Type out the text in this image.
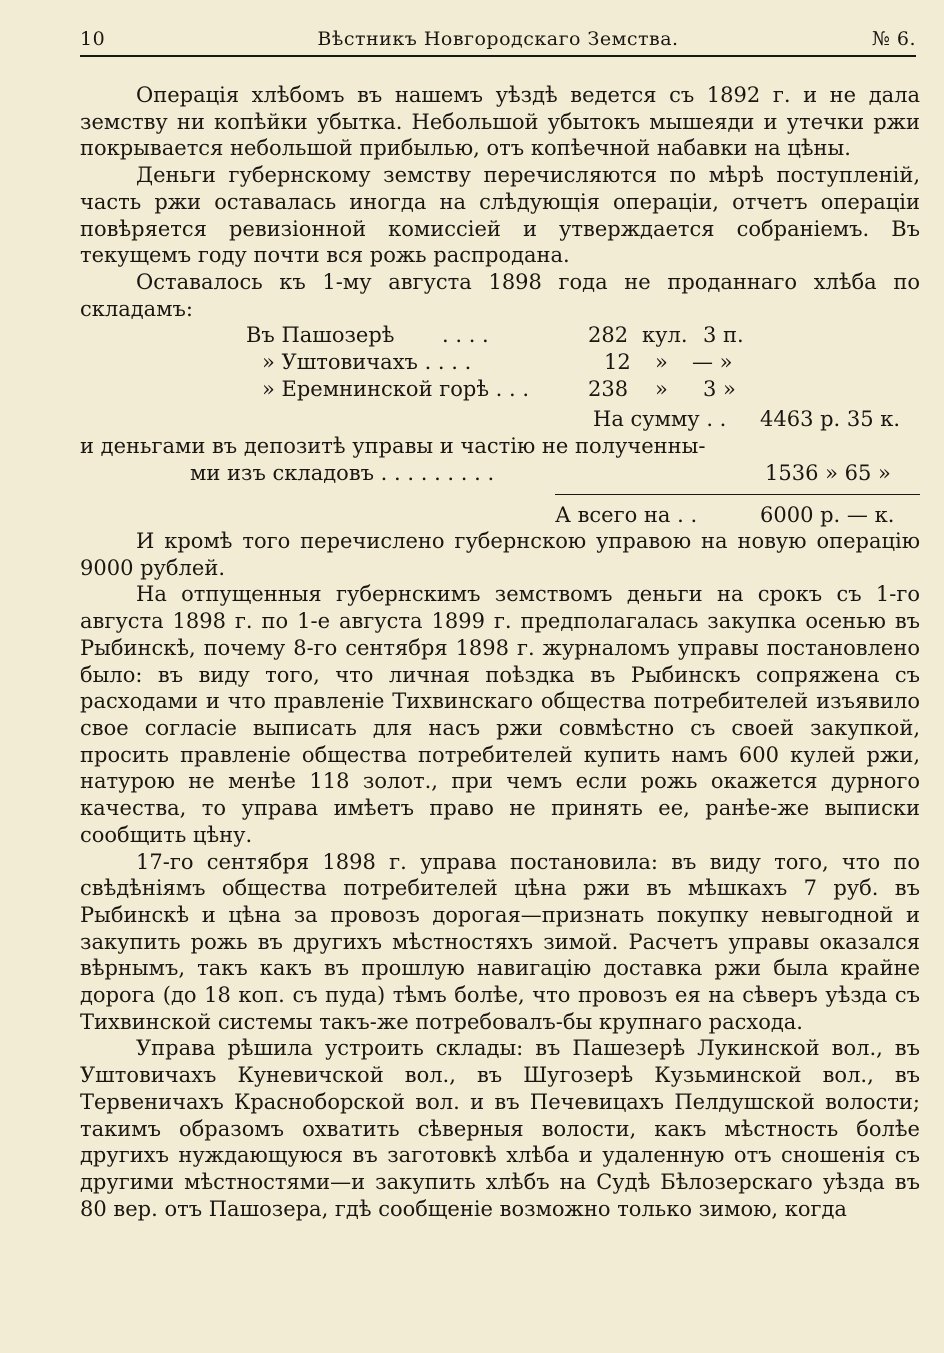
10	Вѣстникъ Новгородскаго Земства.	№ 6.

Операція хлѣбомъ въ нашемъ уѣздѣ ведется съ 1892 г. и не дала земству ни копѣйки убытка. Небольшой убытокъ мышеяди и утечки ржи покрывается небольшой прибылью, отъ копѣечной набавки на цѣны.

Деньги губернскому земству перечисляются по мѣрѣ поступленій, часть ржи оставалась иногда на слѣдующія операціи, отчетъ операціи повѣряется ревизіонной комиссіей и утверждается собраніемъ. Въ текущемъ году почти вся рожь распродана.

Оставалось къ 1-му августа 1898 года не проданнаго хлѣба по складамъ:

Въ Пашозерѣ . . . .	282 кул. 3 п.
» Уштовичахъ . . . .	12 » — »
» Еремнинской горѣ . . .	238 » 3 »
На сумму . . 4463 р. 35 к.
и деньгами въ депозитѣ управы и частію не полученны-
ми изъ складовъ . . . . . . . . .	1536 » 65 »
А всего на . .	6000 р. — к.

И кромѣ того перечислено губернскою управою на новую операцію 9000 рублей.

На отпущенныя губернскимъ земствомъ деньги на срокъ съ 1-го августа 1898 г. по 1-е августа 1899 г. предполагалась закупка осенью въ Рыбинскѣ, почему 8-го сентября 1898 г. журналомъ управы постановлено было: въ виду того, что личная поѣздка въ Рыбинскъ сопряжена съ расходами и что правленіе Тихвинскаго общества потребителей изъявило свое согласіе выписать для насъ ржи совмѣстно съ своей закупкой, просить правленіе общества потребителей купить намъ 600 кулей ржи, натурою не менѣе 118 золот., при чемъ если рожь окажется дурного качества, то управа имѣетъ право не принять ее, ранѣе-же выписки сообщить цѣну.

17-го сентября 1898 г. управа постановила: въ виду того, что по свѣдѣніямъ общества потребителей цѣна ржи въ мѣшкахъ 7 руб. въ Рыбинскѣ и цѣна за провозъ дорогая—признать покупку невыгодной и закупить рожь въ другихъ мѣстностяхъ зимой. Расчетъ управы оказался вѣрнымъ, такъ какъ въ прошлую навигацію доставка ржи была крайне дорога (до 18 коп. съ пуда) тѣмъ болѣе, что провозъ ея на сѣверъ уѣзда съ Тихвинской системы такъ-же потребовалъ-бы крупнаго расхода.

Управа рѣшила устроить склады: въ Пашезерѣ Лукинской вол., въ Уштовичахъ Куневичской вол., въ Шугозерѣ Кузьминской вол., въ Тервеничахъ Красноборской вол. и въ Печевицахъ Пелдушской волости; такимъ образомъ охватить сѣверныя волости, какъ мѣстность болѣе другихъ нуждающуюся въ заготовкѣ хлѣба и удаленную отъ сношенія съ другими мѣстностями—и закупить хлѣбъ на Судѣ Бѣлозерскаго уѣзда въ 80 вер. отъ Пашозера, гдѣ сообщеніе возможно только зимою, когда
